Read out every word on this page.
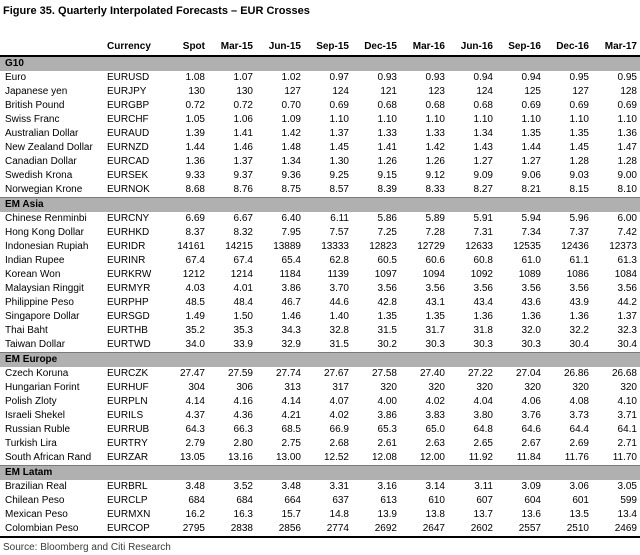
Figure 35. Quarterly Interpolated Forecasts – EUR Crosses
	Currency	Spot	Mar-15	Jun-15	Sep-15	Dec-15	Mar-16	Jun-16	Sep-16	Dec-16	Mar-17
G10											
Euro	EURUSD	1.08	1.07	1.02	0.97	0.93	0.93	0.94	0.94	0.95	0.95
Japanese yen	EURJPY	130	130	127	124	121	123	124	125	127	128
British Pound	EURGBP	0.72	0.72	0.70	0.69	0.68	0.68	0.68	0.69	0.69	0.69
Swiss Franc	EURCHF	1.05	1.06	1.09	1.10	1.10	1.10	1.10	1.10	1.10	1.10
Australian Dollar	EURAUD	1.39	1.41	1.42	1.37	1.33	1.33	1.34	1.35	1.35	1.36
New Zealand Dollar	EURNZD	1.44	1.46	1.48	1.45	1.41	1.42	1.43	1.44	1.45	1.47
Canadian Dollar	EURCAD	1.36	1.37	1.34	1.30	1.26	1.26	1.27	1.27	1.28	1.28
Swedish Krona	EURSEK	9.33	9.37	9.36	9.25	9.15	9.12	9.09	9.06	9.03	9.00
Norwegian Krone	EURNOK	8.68	8.76	8.75	8.57	8.39	8.33	8.27	8.21	8.15	8.10
EM Asia											
Chinese Renminbi	EURCNY	6.69	6.67	6.40	6.11	5.86	5.89	5.91	5.94	5.96	6.00
Hong Kong Dollar	EURHKD	8.37	8.32	7.95	7.57	7.25	7.28	7.31	7.34	7.37	7.42
Indonesian Rupiah	EURIDR	14161	14215	13889	13333	12823	12729	12633	12535	12436	12373
Indian Rupee	EURINR	67.4	67.4	65.4	62.8	60.5	60.6	60.8	61.0	61.1	61.3
Korean Won	EURKRW	1212	1214	1184	1139	1097	1094	1092	1089	1086	1084
Malaysian Ringgit	EURMYR	4.03	4.01	3.86	3.70	3.56	3.56	3.56	3.56	3.56	3.56
Philippine Peso	EURPHP	48.5	48.4	46.7	44.6	42.8	43.1	43.4	43.6	43.9	44.2
Singapore Dollar	EURSGD	1.49	1.50	1.46	1.40	1.35	1.35	1.36	1.36	1.36	1.37
Thai Baht	EURTHB	35.2	35.3	34.3	32.8	31.5	31.7	31.8	32.0	32.2	32.3
Taiwan Dollar	EURTWD	34.0	33.9	32.9	31.5	30.2	30.3	30.3	30.3	30.4	30.4
EM Europe											
Czech Koruna	EURCZK	27.47	27.59	27.74	27.67	27.58	27.40	27.22	27.04	26.86	26.68
Hungarian Forint	EURHUF	304	306	313	317	320	320	320	320	320	320
Polish Zloty	EURPLN	4.14	4.16	4.14	4.07	4.00	4.02	4.04	4.06	4.08	4.10
Israeli Shekel	EURILS	4.37	4.36	4.21	4.02	3.86	3.83	3.80	3.76	3.73	3.71
Russian Ruble	EURRUB	64.3	66.3	68.5	66.9	65.3	65.0	64.8	64.6	64.4	64.1
Turkish Lira	EURTRY	2.79	2.80	2.75	2.68	2.61	2.63	2.65	2.67	2.69	2.71
South African Rand	EURZAR	13.05	13.16	13.00	12.52	12.08	12.00	11.92	11.84	11.76	11.70
EM Latam											
Brazilian Real	EURBRL	3.48	3.52	3.48	3.31	3.16	3.14	3.11	3.09	3.06	3.05
Chilean Peso	EURCLP	684	684	664	637	613	610	607	604	601	599
Mexican Peso	EURMXN	16.2	16.3	15.7	14.8	13.9	13.8	13.7	13.6	13.5	13.4
Colombian Peso	EURCOP	2795	2838	2856	2774	2692	2647	2602	2557	2510	2469
Source: Bloomberg and Citi Research
